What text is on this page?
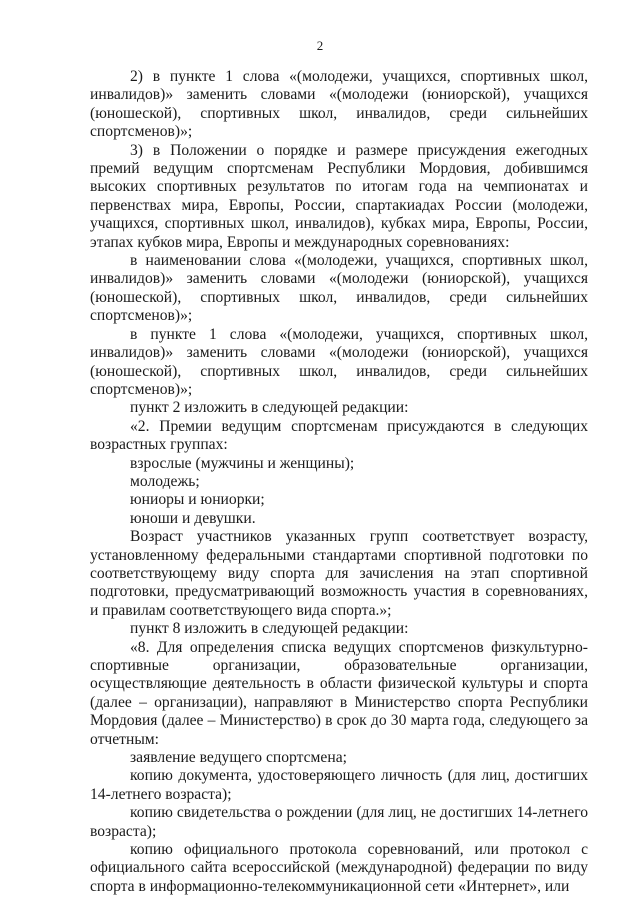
2

2) в пункте 1 слова «(молодежи, учащихся, спортивных школ, инвалидов)» заменить словами «(молодежи (юниорской), учащихся (юношеской), спортивных школ, инвалидов, среди сильнейших спортсменов)»;

3) в Положении о порядке и размере присуждения ежегодных премий ведущим спортсменам Республики Мордовия, добившимся высоких спортивных результатов по итогам года на чемпионатах и первенствах мира, Европы, России, спартакиадах России (молодежи, учащихся, спортивных школ, инвалидов), кубках мира, Европы, России, этапах кубков мира, Европы и международных соревнованиях:

в наименовании слова «(молодежи, учащихся, спортивных школ, инвалидов)» заменить словами «(молодежи (юниорской), учащихся (юношеской), спортивных школ, инвалидов, среди сильнейших спортсменов)»;

в пункте 1 слова «(молодежи, учащихся, спортивных школ, инвалидов)» заменить словами «(молодежи (юниорской), учащихся (юношеской), спортивных школ, инвалидов, среди сильнейших спортсменов)»;

пункт 2 изложить в следующей редакции:

«2. Премии ведущим спортсменам присуждаются в следующих возрастных группах:

взрослые (мужчины и женщины);

молодежь;

юниоры и юниорки;

юноши и девушки.

Возраст участников указанных групп соответствует возрасту, установленному федеральными стандартами спортивной подготовки по соответствующему виду спорта для зачисления на этап спортивной подготовки, предусматривающий возможность участия в соревнованиях, и правилам соответствующего вида спорта.»;

пункт 8 изложить в следующей редакции:

«8. Для определения списка ведущих спортсменов физкультурно-спортивные организации, образовательные организации, осуществляющие деятельность в области физической культуры и спорта (далее – организации), направляют в Министерство спорта Республики Мордовия (далее – Министерство) в срок до 30 марта года, следующего за отчетным:

заявление ведущего спортсмена;

копию документа, удостоверяющего личность (для лиц, достигших 14-летнего возраста);

копию свидетельства о рождении (для лиц, не достигших 14-летнего возраста);

копию официального протокола соревнований, или протокол с официального сайта всероссийской (международной) федерации по виду спорта в информационно-телекоммуникационной сети «Интернет», или
